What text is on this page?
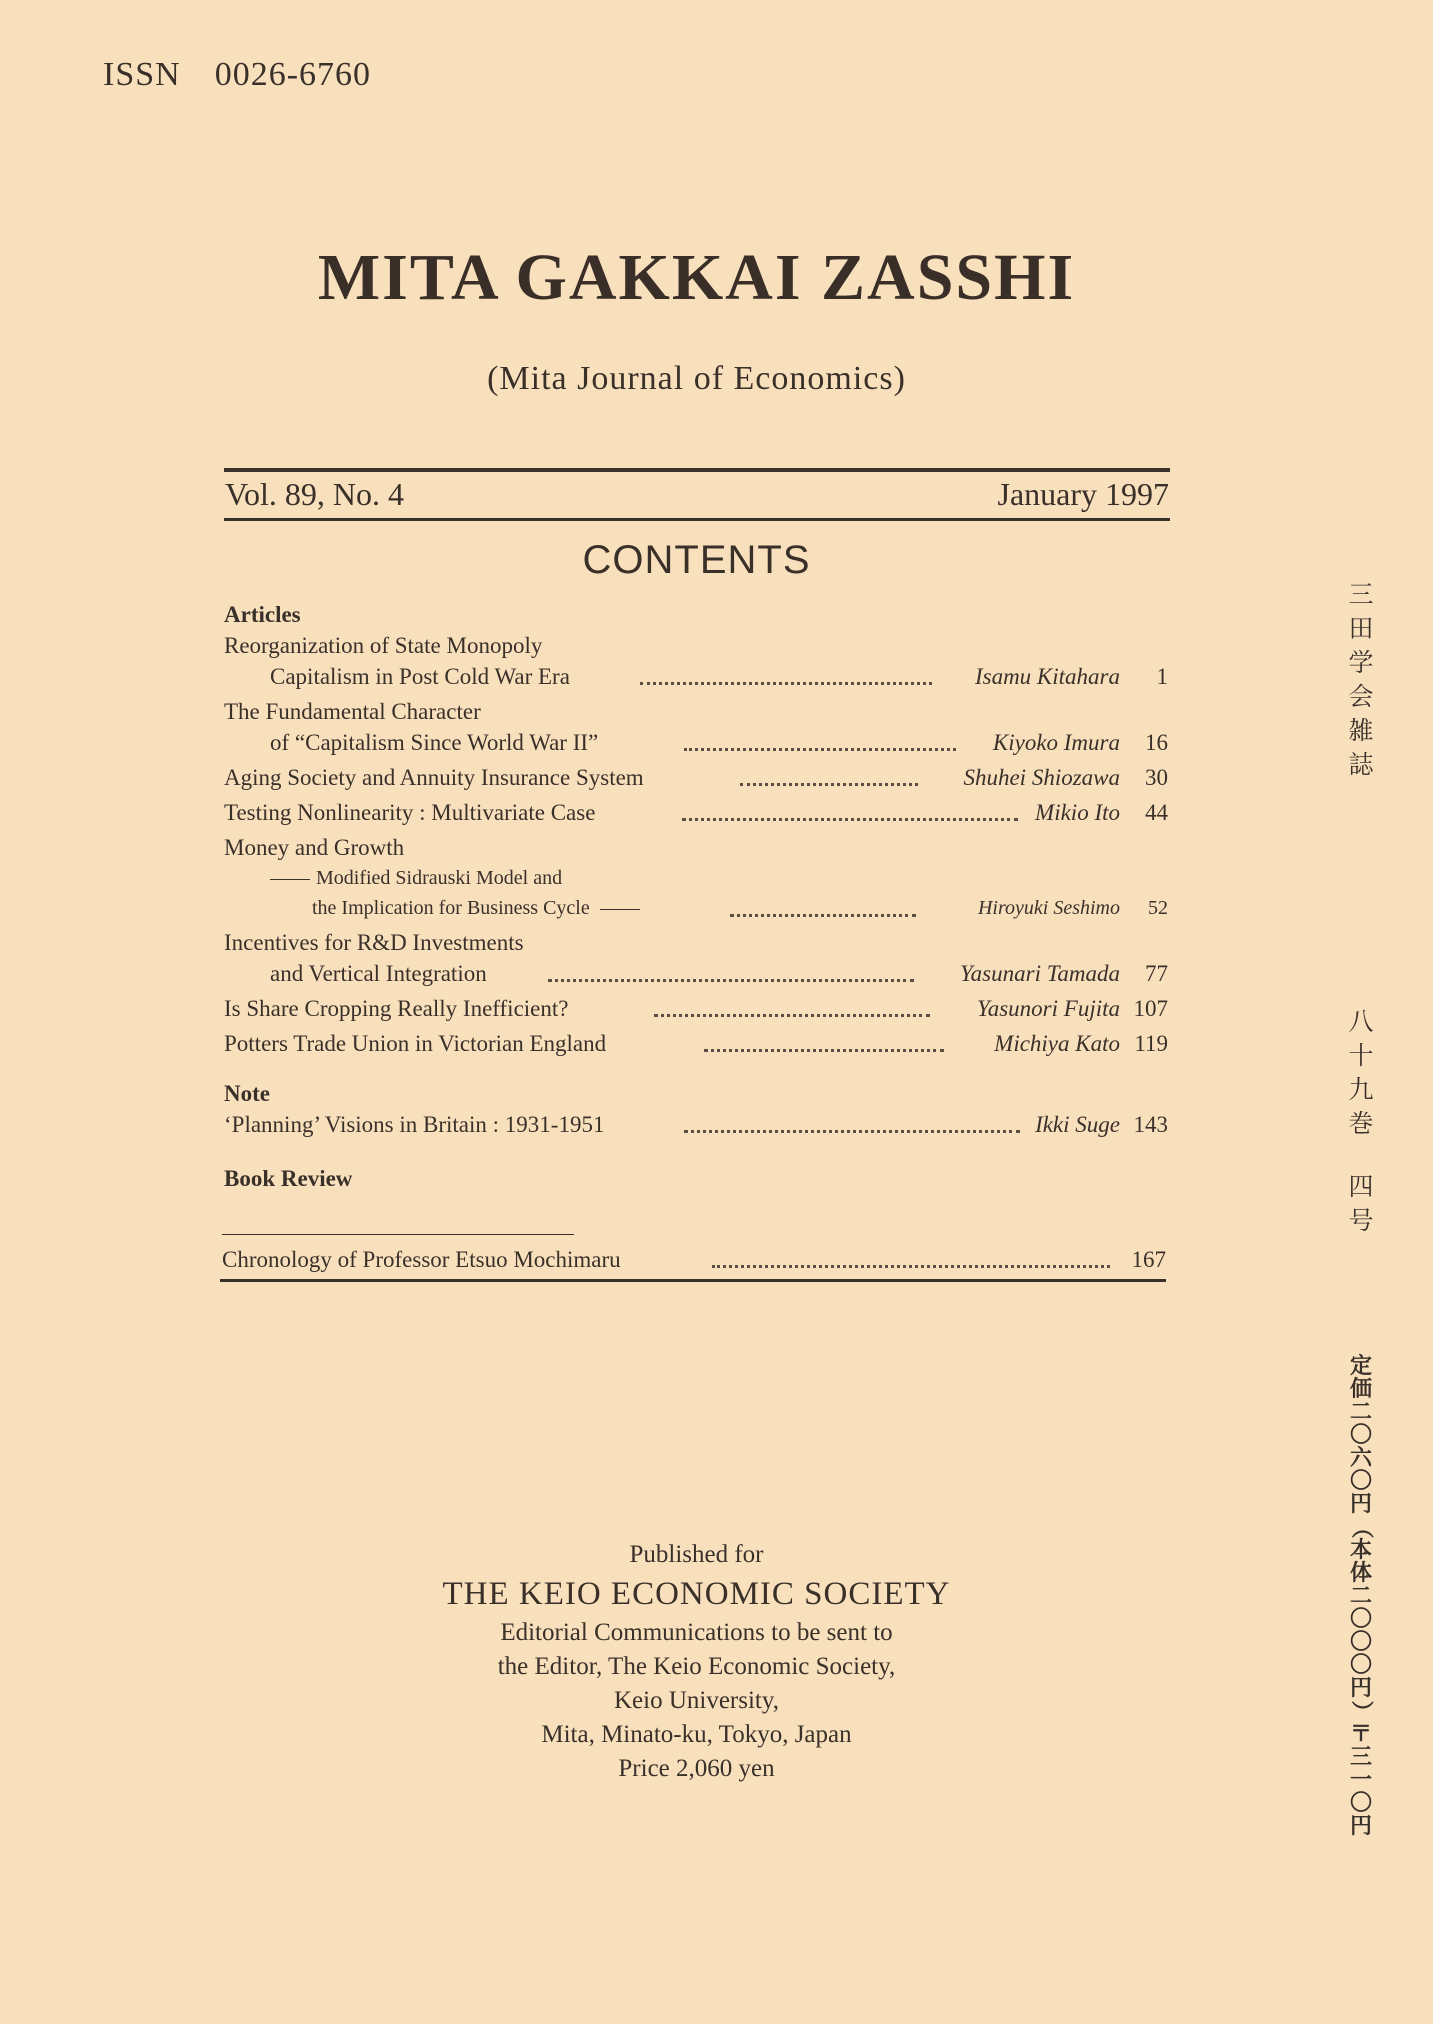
ISSN 0026-6760
MITA GAKKAI ZASSHI
(Mita Journal of Economics)
Vol. 89, No. 4	January 1997
CONTENTS
Articles
Reorganization of State Monopoly
Capitalism in Post Cold War Era	Isamu Kitahara 1
The Fundamental Character
of “Capitalism Since World War II”	Kiyoko Imura 16
Aging Society and Annuity Insurance System	Shuhei Shiozawa 30
Testing Nonlinearity : Multivariate Case	Mikio Ito 44
Money and Growth
Modified Sidrauski Model and
the Implication for Business Cycle	Hiroyuki Seshimo 52
Incentives for R&D Investments
and Vertical Integration	Yasunari Tamada 77
Is Share Cropping Really Inefficient?	Yasunori Fujita 107
Potters Trade Union in Victorian England	Michiya Kato 119
Note
‘Planning’ Visions in Britain : 1931-1951	Ikki Suge 143
Book Review
Chronology of Professor Etsuo Mochimaru	167
Published for
THE KEIO ECONOMIC SOCIETY
Editorial Communications to be sent to
the Editor, The Keio Economic Society,
Keio University,
Mita, Minato-ku, Tokyo, Japan
Price 2,060 yen
三
田
学
会
雑
誌
八
十
九
巻
四
号
定
価
二
〇
六
〇
円
（
本
体
二
〇
〇
〇
円
）
〒
三
一
〇
円
